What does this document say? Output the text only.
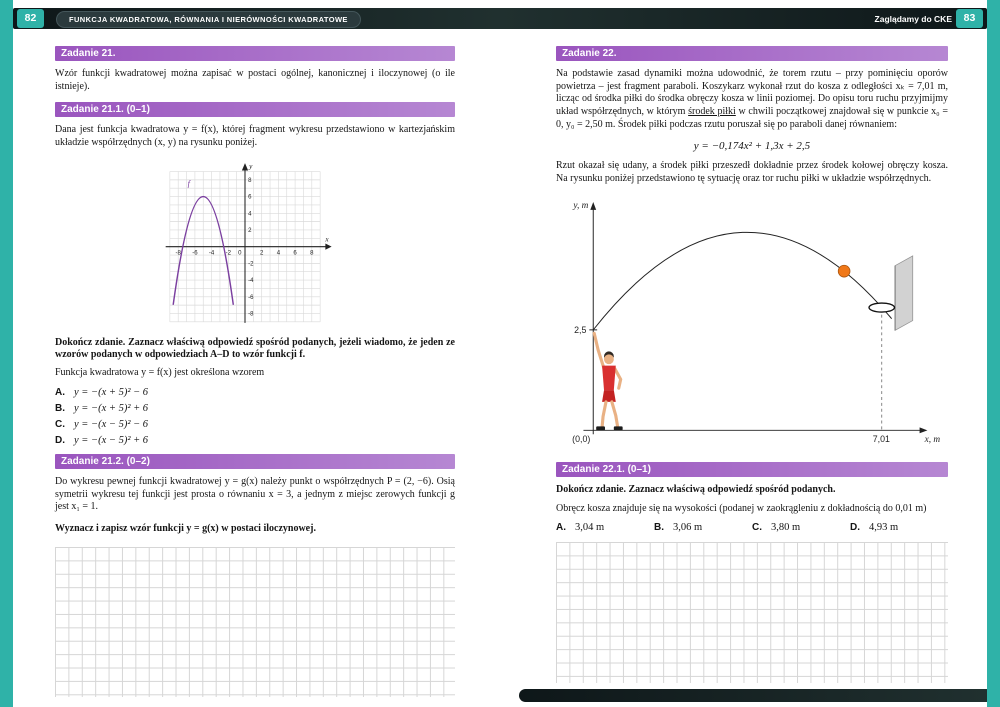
82	FUNKCJA KWADRATOWA, RÓWNANIA I NIERÓWNOŚCI KWADRATOWE	Zaglądamy do CKE	83
Zadanie 21.

Wzór funkcji kwadratowej można zapisać w postaci ogólnej, kanonicznej i iloczynowej (o ile istnieje).

Zadanie 21.1. (0–1)

Dana jest funkcja kwadratowa y = f(x), której fragment wykresu przedstawiono w kartezjańskim układzie współrzędnych (x, y) na rysunku poniżej.

-8 -6 -4 -2 0	2 4 6 8
8
6
4
2
-2
-4
-6
-8
x
y
f

Dokończ zdanie. Zaznacz właściwą odpowiedź spośród podanych, jeżeli wiadomo, że jeden ze wzorów podanych w odpowiedziach A–D to wzór funkcji f.

Funkcja kwadratowa y = f(x) jest określona wzorem

A. y = −(x + 5)² − 6
B. y = −(x + 5)² + 6
C. y = −(x − 5)² − 6
D. y = −(x − 5)² + 6
Zadanie 21.2. (0–2)

Do wykresu pewnej funkcji kwadratowej y = g(x) należy punkt o współrzędnych P = (2, −6). Osią symetrii wykresu tej funkcji jest prosta o równaniu x = 3, a jednym z miejsc zerowych funkcji g jest x₁ = 1.

Wyznacz i zapisz wzór funkcji y = g(x) w postaci iloczynowej.

Zadanie 22.

Na podstawie zasad dynamiki można udowodnić, że torem rzutu – przy pominięciu oporów powietrza – jest fragment paraboli. Koszykarz wykonał rzut do kosza z odległości xₖ = 7,01 m, licząc od środka piłki do środka obręczy kosza w linii poziomej. Do opisu toru ruchu przyjmijmy układ współrzędnych, w którym środek piłki w chwili początkowej znajdował się w punkcie x₀ = 0, y₀ = 2,50 m. Środek piłki podczas rzutu poruszał się po paraboli danej równaniem:

y = −0,174x² + 1,3x + 2,5

Rzut okazał się udany, a środek piłki przeszedł dokładnie przez środek kołowej obręczy kosza. Na rysunku poniżej przedstawiono tę sytuację oraz tor ruchu piłki w układzie współrzędnych.

y, m
x, m
(0,0)
2,5
7,01
Zadanie 22.1. (0–1)

Dokończ zdanie. Zaznacz właściwą odpowiedź spośród podanych.

Obręcz kosza znajduje się na wysokości (podanej w zaokrągleniu z dokładnością do 0,01 m)

A. 3,04 m	B. 3,06 m	C. 3,80 m	D. 4,93 m
